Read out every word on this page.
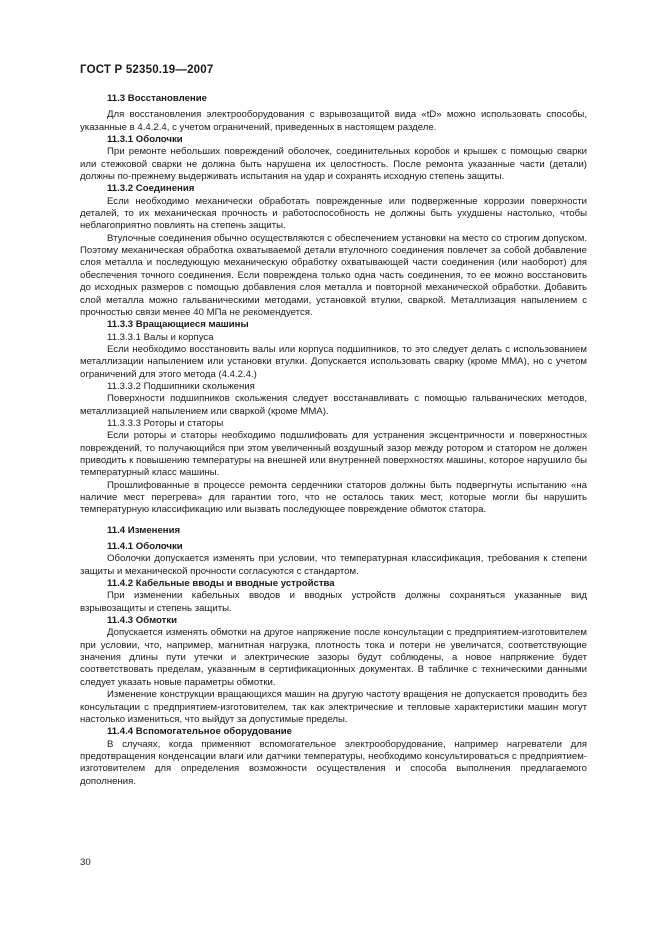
ГОСТ Р 52350.19—2007
11.3 Восстановление

Для восстановления электрооборудования с взрывозащитой вида «tD» можно использовать способы, указанные в 4.4.2.4, с учетом ограничений, приведенных в настоящем разделе.

11.3.1 Оболочки

При ремонте небольших повреждений оболочек, соединительных коробок и крышек с помощью сварки или стежковой сварки не должна быть нарушена их целостность. После ремонта указанные части (детали) должны по-прежнему выдерживать испытания на удар и сохранять исходную степень защиты.

11.3.2 Соединения

Если необходимо механически обработать поврежденные или подверженные коррозии поверхности деталей, то их механическая прочность и работоспособность не должны быть ухудшены настолько, чтобы неблагоприятно повлиять на степень защиты.

Втулочные соединения обычно осуществляются с обеспечением установки на место со строгим допуском. Поэтому механическая обработка охватываемой детали втулочного соединения повлечет за собой добавление слоя металла и последующую механическую обработку охватывающей части соединения (или наоборот) для обеспечения точного соединения. Если повреждена только одна часть соединения, то ее можно восстановить до исходных размеров с помощью добавления слоя металла и повторной механической обработки. Добавить слой металла можно гальваническими методами, установкой втулки, сваркой. Металлизация напылением с прочностью связи менее 40 МПа не рекомендуется.

11.3.3 Вращающиеся машины
11.3.3.1 Валы и корпуса

Если необходимо восстановить валы или корпуса подшипников, то это следует делать с использованием металлизации напылением или установки втулки. Допускается использовать сварку (кроме ММА), но с учетом ограничений для этого метода (4.4.2.4.)

11.3.3.2 Подшипники скольжения

Поверхности подшипников скольжения следует восстанавливать с помощью гальванических методов, металлизацией напылением или сваркой (кроме ММА).

11.3.3.3 Роторы и статоры

Если роторы и статоры необходимо подшлифовать для устранения эксцентричности и поверхностных повреждений, то получающийся при этом увеличенный воздушный зазор между ротором и статором не должен приводить к повышению температуры на внешней или внутренней поверхностях машины, которое нарушило бы температурный класс машины.

Прошлифованные в процессе ремонта сердечники статоров должны быть подвергнуты испытанию «на наличие мест перегрева» для гарантии того, что не осталось таких мест, которые могли бы нарушить температурную классификацию или вызвать последующее повреждение обмоток статора.

11.4 Изменения
11.4.1 Оболочки

Оболочки допускается изменять при условии, что температурная классификация, требования к степени защиты и механической прочности согласуются с стандартом.

11.4.2 Кабельные вводы и вводные устройства

При изменении кабельных вводов и вводных устройств должны сохраняться указанные вид взрывозащиты и степень защиты.

11.4.3 Обмотки

Допускается изменять обмотки на другое напряжение после консультации с предприятием-изготовителем при условии, что, например, магнитная нагрузка, плотность тока и потери не увеличатся, соответствующие значения длины пути утечки и электрические зазоры будут соблюдены, а новое напряжение будет соответствовать пределам, указанным в сертификационных документах. В табличке с техническими данными следует указать новые параметры обмотки.

Изменение конструкции вращающихся машин на другую частоту вращения не допускается проводить без консультации с предприятием-изготовителем, так как электрические и тепловые характеристики машин могут настолько измениться, что выйдут за допустимые пределы.

11.4.4 Вспомогательное оборудование

В случаях, когда применяют вспомогательное электрооборудование, например нагреватели для предотвращения конденсации влаги или датчики температуры, необходимо консультироваться с предприятием-изготовителем для определения возможности осуществления и способа выполнения предлагаемого дополнения.

30
